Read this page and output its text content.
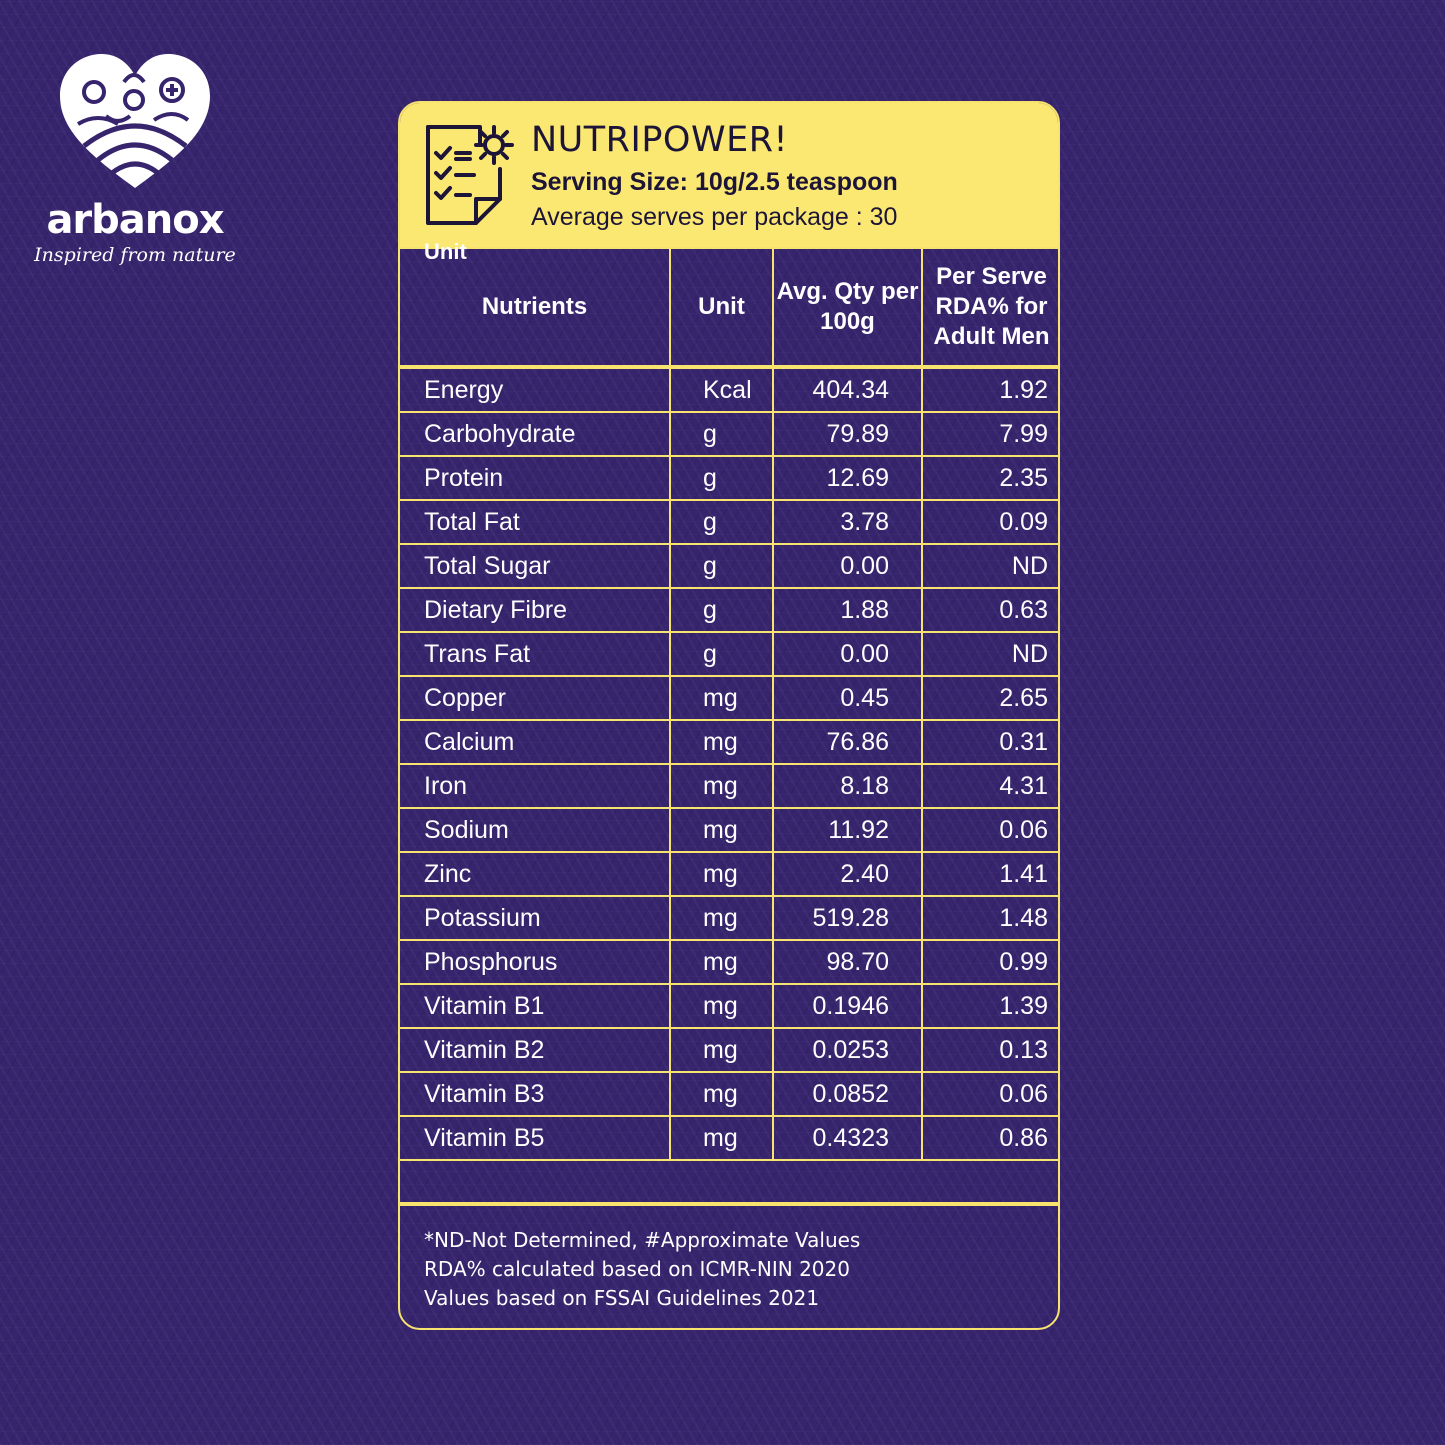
arbanox
Inspired from nature
NUTRIPOWER!
Serving Size: 10g/2.5 teaspoon
Average serves per package : 30
Unit
Nutrients	Unit	Avg. Qty per 100g	Per Serve RDA% for Adult Men
Energy	Kcal	404.34	1.92
Carbohydrate	g	79.89	7.99
Protein	g	12.69	2.35
Total Fat	g	3.78	0.09
Total Sugar	g	0.00	ND
Dietary Fibre	g	1.88	0.63
Trans Fat	g	0.00	ND
Copper	mg	0.45	2.65
Calcium	mg	76.86	0.31
Iron	mg	8.18	4.31
Sodium	mg	11.92	0.06
Zinc	mg	2.40	1.41
Potassium	mg	519.28	1.48
Phosphorus	mg	98.70	0.99
Vitamin B1	mg	0.1946	1.39
Vitamin B2	mg	0.0253	0.13
Vitamin B3	mg	0.0852	0.06
Vitamin B5	mg	0.4323	0.86
*ND-Not Determined, #Approximate Values
RDA% calculated based on ICMR-NIN 2020
Values based on FSSAI Guidelines 2021
